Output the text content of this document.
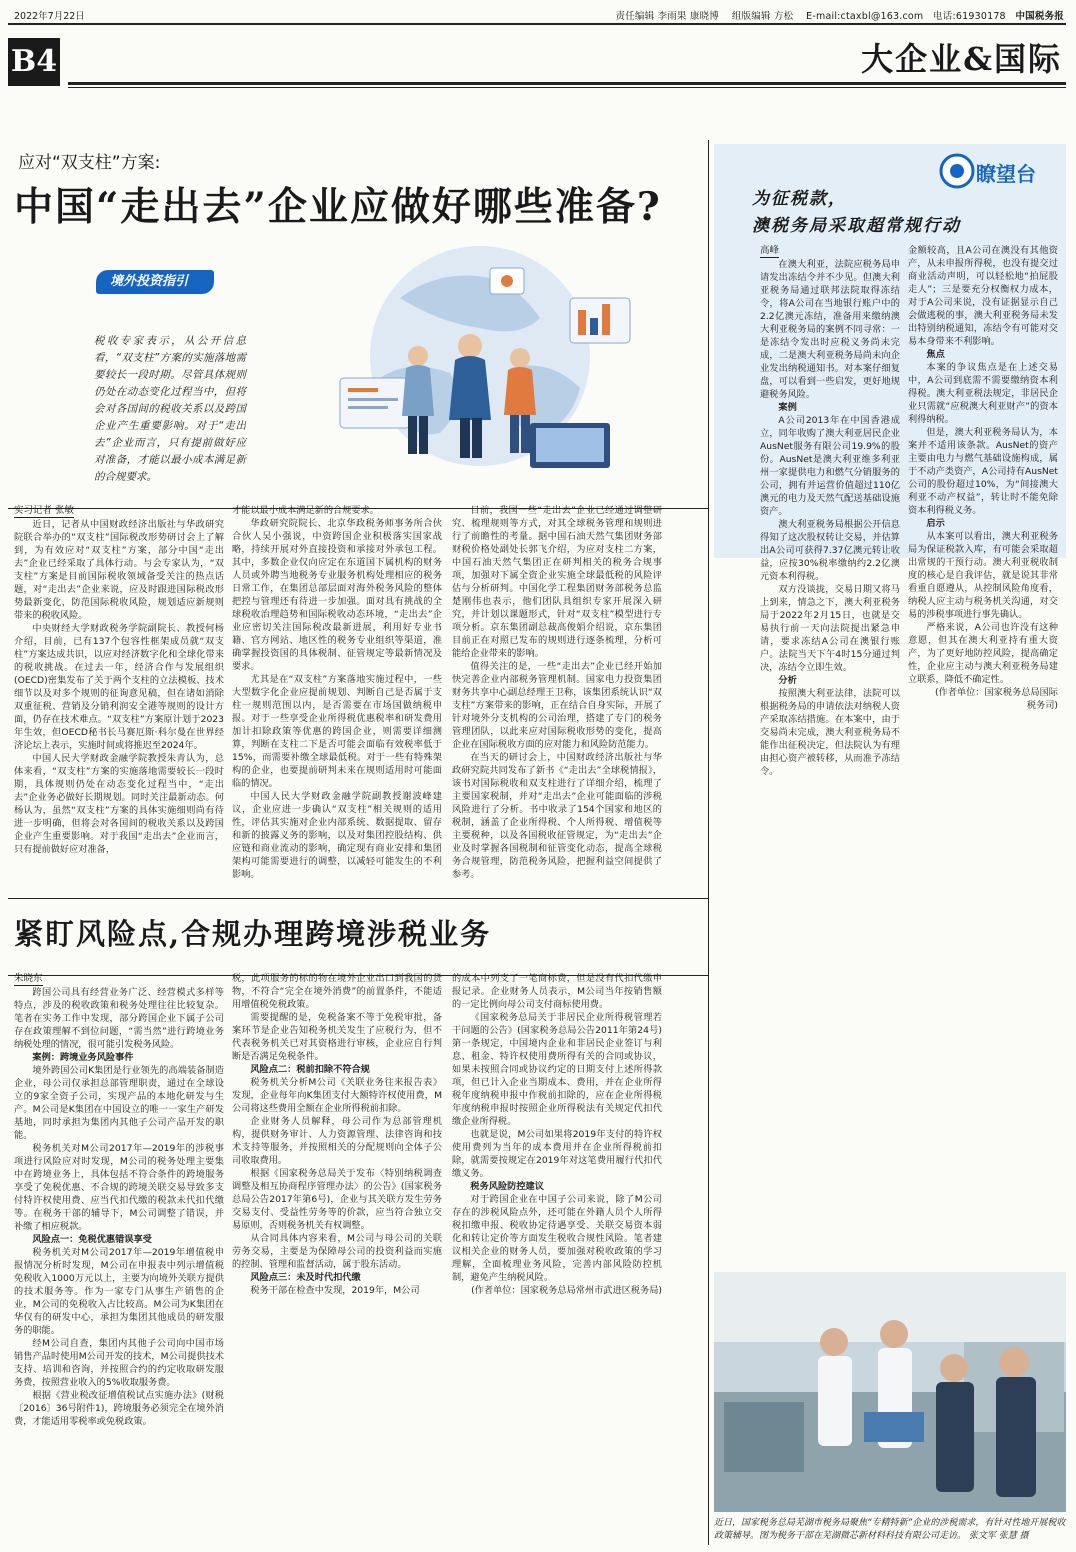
2022年7月22日	责任编辑 李雨果 康晓博 组版编辑 方松 E-mail:ctaxbl@163.com 电话:61930178 中国税务报
B4	大企业&国际
应对“双支柱”方案:
中国“走出去”企业应做好哪些准备?
境外投资指引
税收专家表示，从公开信息看，“双支柱”方案的实施落地需要较长一段时期。尽管具体规则仍处在动态变化过程当中，但将会对各国间的税收关系以及跨国企业产生重要影响。对于“走出去”企业而言，只有提前做好应对准备，才能以最小成本满足新的合规要求。
实习记者 张敏

近日，记者从中国财政经济出版社与华政研究院联合举办的“双支柱”国际税改形势研讨会上了解到，为有效应对“双支柱”方案，部分中国“走出去”企业已经采取了具体行动。与会专家认为，“双支柱”方案是目前国际税收领域备受关注的热点话题，对“走出去”企业来说，应及时跟进国际税改形势最新变化，防范国际税收风险，规划适应新规则带来的税收风险。

中央财经大学财政税务学院副院长、教授何杨介绍，目前，已有137个包容性框架成员就“双支柱”方案达成共识，以应对经济数字化和全球化带来的税收挑战。在过去一年，经济合作与发展组织(OECD)密集发布了关于两个支柱的立法模板、技术细节以及对多个规则的征询意见稿，但在诸如消除双重征税、营销及分销利润安全港等规则的设计方面，仍存在技术难点。“双支柱”方案原计划于2023年生效，但OECD秘书长马赛厄斯·科尔曼在世界经济论坛上表示，实施时间或将推迟至2024年。

中国人民大学财政金融学院教授朱青认为，总体来看，“双支柱”方案的实施落地需要较长一段时期，具体规则仍处在动态变化过程当中，“走出去”企业务必做好长期规划。同时关注最新动态。何杨认为，虽然“双支柱”方案的具体实施细则尚有待进一步明确，但将会对各国间的税收关系以及跨国企业产生重要影响。对于我国“走出去”企业而言，只有提前做好应对准备，

才能以最小成本满足新的合规要求。

华政研究院院长、北京华政税务师事务所合伙合伙人吴小强说，中资跨国企业积极落实国家战略，持续开展对外直接投资和承接对外承包工程。其中，多数企业仅向应定在东道国下属机构的财务人员或外聘当地税务专业服务机构处理相应的税务日常工作，在集团总部层面对海外税务风险的整体把控与管理还有待进一步加强。面对具有挑战的全球税收治理趋势和国际税收动态环境，“走出去”企业应密切关注国际税改最新进展，利用好专业书籍、官方网站、地区性的税务专业组织等渠道，准确掌握投资国的具体税制、征管规定等最新情况及要求。

尤其是在“双支柱”方案落地实施过程中，一些大型数字化企业应提前规划、判断自己是否属于支柱一规则范围以内，是否需要在市场国做纳税申报。对于一些享受企业所得税优惠税率和研发费用加计扣除政策等优惠的跨国企业，则需要详细测算，判断在支柱二下是否可能会面临有效税率低于15%，而需要补缴全球最低税。对于一些有特殊架构的企业，也要提前研判未来在规则适用时可能面临的情况。

中国人民大学财政金融学院副教授谢波峰建议，企业应进一步确认“双支柱”相关规则的适用性，评估其实施对企业内部系统、数据提取、留存和新的披露义务的影响，以及对集团控股结构、供应链和商业流动的影响，确定现有商业安排和集团架构可能需要进行的调整，以减轻可能发生的不利影响。

目前，我国一些“走出去”企业已经通过调整研究、梳理规则等方式，对其全球税务管理和规则进行了前瞻性的考量。据中国石油天然气集团财务部财税价格处副处长郭飞介绍，为应对支柱二方案，中国石油天然气集团正在研判相关的税务合规事项，加强对下属全资企业实施全球最低税的风险评估与分析研判。中国化学工程集团财务部税务总监楚刚伟也表示，他们团队具组织专家开展深入研究，并计划以课题形式，针对“双支柱”模型进行专项分析。京东集团副总裁高俊娟介绍说，京东集团目前正在对照已发布的规则进行逐条梳理，分析可能给企业带来的影响。

值得关注的是，一些“走出去”企业已经开始加快完善企业内部税务管理机制。国家电力投资集团财务共享中心副总经理王卫称，该集团系统认识“双支柱”方案带来的影响，正在结合自身实际，开展了针对境外分支机构的公司治理，搭建了专门的税务管理团队，以此来应对国际税收形势的变化，提高企业在国际税收方面的应对能力和风险防范能力。

在当天的研讨会上，中国财政经济出版社与华政研究院共同发布了新书《“走出去”全球税情报》，该书对国际税收和双支柱进行了详细介绍，梳理了主要国家税制，并对“走出去”企业可能面临的涉税风险进行了分析。书中收录了154个国家和地区的税制，涵盖了企业所得税、个人所得税、增值税等主要税种，以及各国税收征管规定，为“走出去”企业及时掌握各国税制和征管变化动态，提高全球税务合规管理，防范税务风险，把握利益空间提供了参考。

紧盯风险点,合规办理跨境涉税业务
朱晓东

跨国公司具有经营业务广泛、经营模式多样等特点，涉及的税收政策和税务处理往往比较复杂。笔者在实务工作中发现，部分跨国企业下属子公司存在政策理解不到位问题，“需当然”进行跨境业务纳税处理的情况，很可能引发税务风险。

案例：跨境业务风险事件

境外跨国公司K集团是行业领先的高端装备制造企业，母公司仅承担总部管理职责，通过在全球设立的9家全资子公司，实现产品的本地化研发与生产。M公司是K集团在中国设立的唯一一家生产研发基地，同时承担为集团内其他子公司产品开发的职能。

税务机关对M公司2017年—2019年的涉税事项进行风险应对时发现，M公司的税务处理主要集中在跨境业务上，具体包括不符合条件的跨境服务享受了免税优惠、不合规的跨境关联交易导致多支付特许权使用费、应当代扣代缴的税款未代扣代缴等。在税务干部的辅导下，M公司调整了错误，并补缴了相应税款。

风险点一：免税优惠错误享受

税务机关对M公司2017年—2019年增值税申报情况分析时发现，M公司在申报表中列示增值税免税收入1000万元以上，主要为向境外关联方提供的技术服务等。作为一家专门从事生产销售的企业，M公司的免税收入占比较高。M公司为K集团在华仅有的研发中心，承担为集团其他成员的研发服务的职能。

经M公司自查，集团内其他子公司向中国市场销售产品时使用M公司开发的技术，M公司提供技术支持、培训和咨询，并按照合约的约定收取研发服务费，按照营业收入的5%收取服务费。

根据《营业税改征增值税试点实施办法》(财税〔2016〕36号附件1)，跨境服务必须完全在境外消费，才能适用零税率或免税政策。

税，此项服务的标的物在境外企业出口到我国的货物，不符合“完全在境外消费”的前置条件，不能适用增值税免税政策。

需要提醒的是，免税备案不等于免税审批，备案环节是企业告知税务机关发生了应税行为，但不代表税务机关已对其资格进行审核，企业应自行判断是否满足免税条件。

风险点二：税前扣除不符合规

税务机关分析M公司《关联业务往来报告表》发现，企业每年向K集团支付大额特许权使用费，M公司将这些费用全额在企业所得税前扣除。

企业财务人员解释，母公司作为总部管理机构，提供财务审计、人力资源管理、法律咨询和技术支持等服务，并按照相关的分配规则向全体子公司收取费用。

根据《国家税务总局关于发布〈特别纳税调查调整及相互协商程序管理办法〉的公告》(国家税务总局公告2017年第6号)，企业与其关联方发生劳务交易支付、受益性劳务等的价款，应当符合独立交易原则，否则税务机关有权调整。

从合同具体内容来看，M公司与母公司的关联劳务交易，主要是为保障母公司的投资利益而实施的控制、管理和监督活动，属于股东活动。

风险点三：未及时代扣代缴

税务干部在检查中发现，2019年，M公司

的成本中列支了一笔商标费，但是没有代扣代缴申报记录。企业财务人员表示，M公司当年按销售额的一定比例向母公司支付商标使用费。

《国家税务总局关于非居民企业所得税管理若干问题的公告》(国家税务总局公告2011年第24号)第一条规定，中国境内企业和非居民企业签订与利息、租金、特许权使用费所得有关的合同或协议，如果未按照合同或协议约定的日期支付上述所得款项，但已计入企业当期成本、费用，并在企业所得税年度纳税申报中作税前扣除的，应在企业所得税年度纳税申报时按照企业所得税法有关规定代扣代缴企业所得税。

也就是说，M公司如果将2019年支付的特许权使用费列为当年的成本费用并在企业所得税前扣除，就需要按规定在2019年对这笔费用履行代扣代缴义务。

税务风险防控建议

对于跨国企业在中国子公司来说，除了M公司存在的涉税风险点外，还可能在外籍人员个人所得税扣缴申报、税收协定待遇享受、关联交易资本弱化和转让定价等方面发生税收合规性风险。笔者建议相关企业的财务人员，要加强对税收政策的学习理解，全面梳理业务风险，完善内部风险防控机制，避免产生纳税风险。

(作者单位：国家税务总局常州市武进区税务局)

瞭望台
为征税款，
澳税务局采取超常规行动
高峰

在澳大利亚，法院应税务局申请发出冻结令并不少见。但澳大利亚税务局通过联邦法院取得冻结令，将A公司在当地银行账户中的2.2亿澳元冻结，准备用来缴纳澳大利亚税务局的案例不同寻常：一是冻结令发出时应税义务尚未完成，二是澳大利亚税务局尚未向企业发出纳税通知书。对本案仔细复盘，可以看到一些启发，更好地规避税务风险。

案例

A公司2013年在中国香港成立，同年收购了澳大利亚居民企业AusNet服务有限公司19.9%的股份。AusNet是澳大利亚维多利亚州一家提供电力和燃气分销服务的公司，拥有并运营价值超过110亿澳元的电力及天然气配送基础设施资产。

澳大利亚税务局根据公开信息得知了这次股权转让交易，并估算出A公司可获得7.37亿澳元转让收益，应按30%税率缴纳约2.2亿澳元资本利得税。

双方没谈拢，交易日期又将马上到来，情急之下，澳大利亚税务局于2022年2月15日，也就是交易执行前一天向法院提出紧急申请，要求冻结A公司在澳银行账户。法院当天下午4时15分通过判决，冻结令立即生效。

分析

按照澳大利亚法律，法院可以根据税务局的申请依法对纳税人资产采取冻结措施。在本案中，由于交易尚未完成，澳大利亚税务局不能作出征税决定，但法院认为有理由担心资产被转移，从而准予冻结令。

金额较高，且A公司在澳没有其他资产，从未申报所得税，也没有提交过商业活动声明，可以轻松地“拍屁股走人”；三是要充分权衡权力成本，对于A公司来说，没有证据显示自己会做逃税的事，澳大利亚税务局未发出特别纳税通知，冻结令有可能对交易本身带来不利影响。

焦点

本案的争议焦点是在上述交易中，A公司到底需不需要缴纳资本利得税。澳大利亚税法规定，非居民企业只需就“应税澳大利亚财产”的资本利得纳税。

但是，澳大利亚税务局认为，本案并不适用该条款。AusNet的资产主要由电力与燃气基础设施构成，属于不动产类资产，A公司持有AusNet公司的股份超过10%，为“间接澳大利亚不动产权益”，转让时不能免除资本利得税义务。

启示

从本案可以看出，澳大利亚税务局为保证税款入库，有可能会采取超出常规的干预行动。澳大利亚税收制度的核心是自我评估，就是说其非常看重自愿遵从，从控制风险角度看，纳税人应主动与税务机关沟通，对交易的涉税事项进行事先确认。

严格来说，A公司也许没有这种意愿，但其在澳大利亚持有重大资产，为了更好地防控风险，提高确定性，企业应主动与澳大利亚税务局建立联系，降低不确定性。

(作者单位：国家税务总局国际税务司)

近日，国家税务总局芜湖市税务局聚焦“专精特新”企业的涉税需求，有针对性地开展税收政策辅导。图为税务干部在芜湖微芯新材料科技有限公司走访。 张文军 张慧 摄
